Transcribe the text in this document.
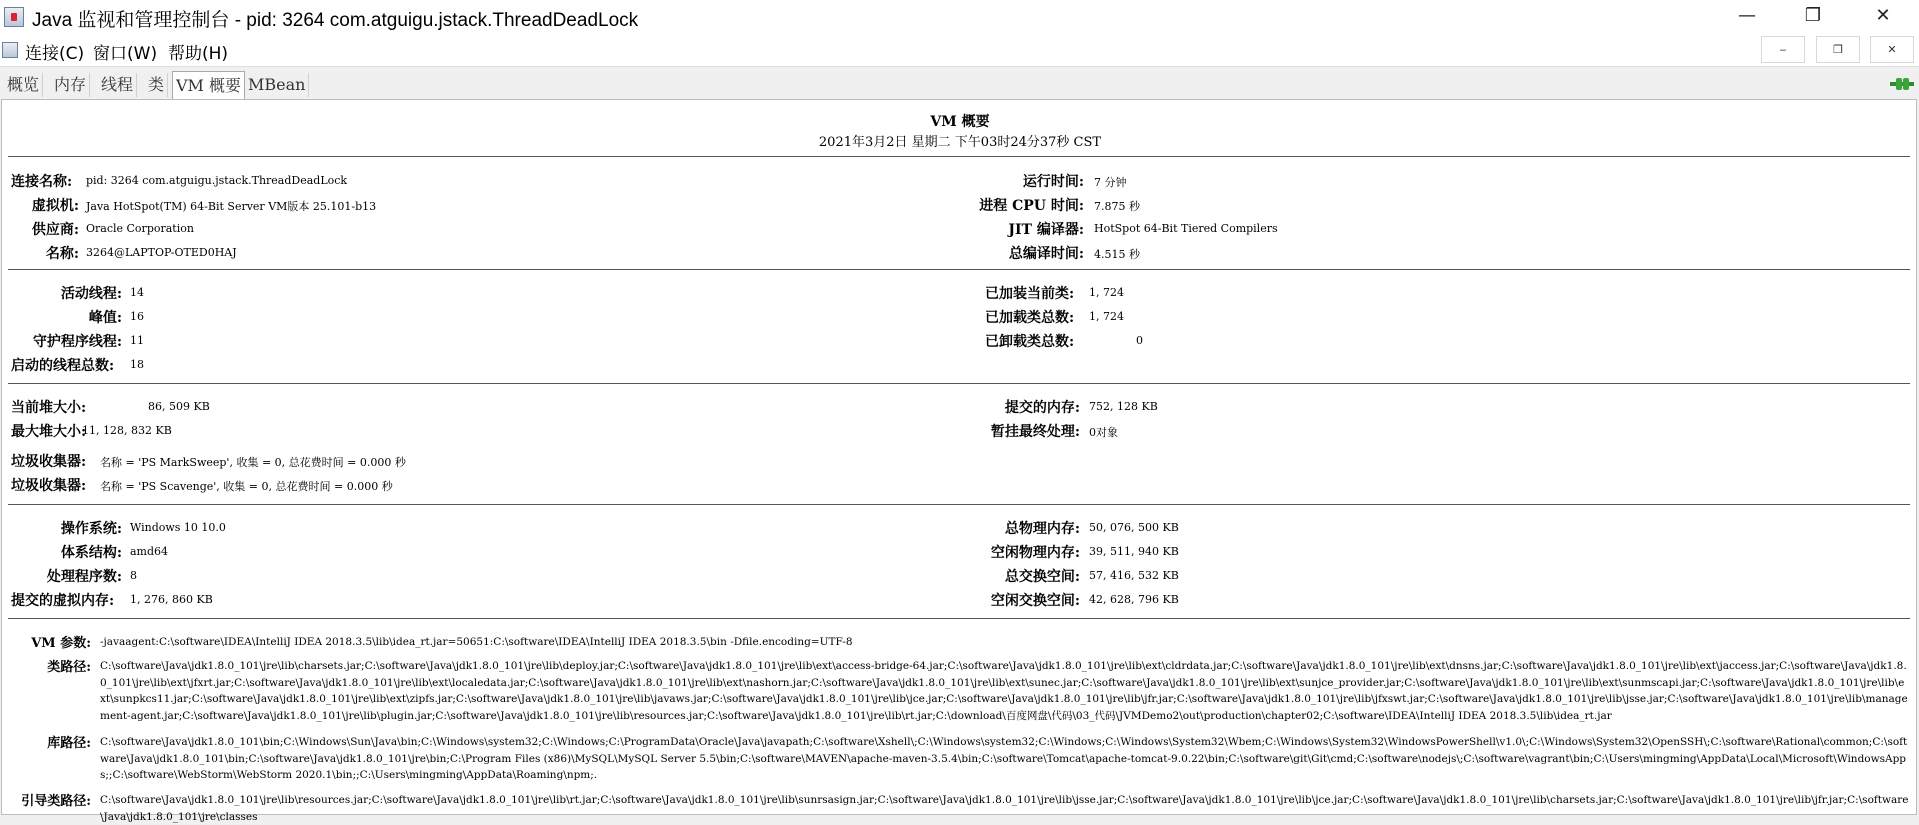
Java 监视和管理控制台 - pid: 3264 com.atguigu.jstack.ThreadDeadLock	—	❐	✕
连接(C) 窗口(W) 帮助(H)	‒	❐	✕
概览 内存 线程 类 VM 概要 MBean
VM 概要
2021年3月2日 星期二 下午03时24分37秒 CST
连接名称: pid: 3264 com.atguigu.jstack.ThreadDeadLock
虚拟机: Java HotSpot(TM) 64-Bit Server VM版本 25.101-b13
供应商: Oracle Corporation
名称: 3264@LAPTOP-OTED0HAJ
运行时间: 7 分钟
进程 CPU 时间: 7.875 秒
JIT 编译器: HotSpot 64-Bit Tiered Compilers
总编译时间: 4.515 秒
活动线程: 14
峰值: 16
守护程序线程: 11
启动的线程总数: 18
已加装当前类: 1, 724
已加载类总数: 1, 724
已卸载类总数:	0
当前堆大小:	86, 509 KB
最大堆大小:
11, 128, 832 KB
提交的内存: 752, 128 KB
暂挂最终处理: 0对象
垃圾收集器: 名称 = 'PS MarkSweep', 收集 = 0, 总花费时间 = 0.000 秒
垃圾收集器: 名称 = 'PS Scavenge', 收集 = 0, 总花费时间 = 0.000 秒
操作系统: Windows 10 10.0
体系结构: amd64
处理程序数: 8
提交的虚拟内存: 1, 276, 860 KB
总物理内存: 50, 076, 500 KB
空闲物理内存: 39, 511, 940 KB
总交换空间: 57, 416, 532 KB
空闲交换空间: 42, 628, 796 KB
VM 参数: -javaagent:C:\software\IDEA\IntelliJ IDEA 2018.3.5\lib\idea_rt.jar=50651:C:\software\IDEA\IntelliJ IDEA 2018.3.5\bin -Dfile.encoding=UTF-8
类路径: C:\software\Java\jdk1.8.0_101\jre\lib\charsets.jar;C:\software\Java\jdk1.8.0_101\jre\lib\deploy.jar;C:\software\Java\jdk1.8.0_101\jre\lib\ext\access-bridge-64.jar;C:\software\Java\jdk1.8.0_101\jre\lib\ext\cldrdata.jar;C:\software\Java\jdk1.8.0_101\jre\lib\ext\dnsns.jar;C:\software\Java\jdk1.8.0_101\jre\lib\ext\jaccess.jar;C:\software\Java\jdk1.8.0_101\jre\lib\ext\jfxrt.jar;C:\software\Java\jdk1.8.0_101\jre\lib\ext\localedata.jar;C:\software\Java\jdk1.8.0_101\jre\lib\ext\nashorn.jar;C:\software\Java\jdk1.8.0_101\jre\lib\ext\sunec.jar;C:\software\Java\jdk1.8.0_101\jre\lib\ext\sunjce_provider.jar;C:\software\Java\jdk1.8.0_101\jre\lib\ext\sunmscapi.jar;C:\software\Java\jdk1.8.0_101\jre\lib\ext\sunpkcs11.jar;C:\software\Java\jdk1.8.0_101\jre\lib\ext\zipfs.jar;C:\software\Java\jdk1.8.0_101\jre\lib\javaws.jar;C:\software\Java\jdk1.8.0_101\jre\lib\jce.jar;C:\software\Java\jdk1.8.0_101\jre\lib\jfr.jar;C:\software\Java\jdk1.8.0_101\jre\lib\jfxswt.jar;C:\software\Java\jdk1.8.0_101\jre\lib\jsse.jar;C:\software\Java\jdk1.8.0_101\jre\lib\management-agent.jar;C:\software\Java\jdk1.8.0_101\jre\lib\plugin.jar;C:\software\Java\jdk1.8.0_101\jre\lib\resources.jar;C:\software\Java\jdk1.8.0_101\jre\lib\rt.jar;C:\download\百度网盘\代码\03_代码\JVMDemo2\out\production\chapter02;C:\software\IDEA\IntelliJ IDEA 2018.3.5\lib\idea_rt.jar
库路径: C:\software\Java\jdk1.8.0_101\bin;C:\Windows\Sun\Java\bin;C:\Windows\system32;C:\Windows;C:\ProgramData\Oracle\Java\javapath;C:\software\Xshell\;C:\Windows\system32;C:\Windows;C:\Windows\System32\Wbem;C:\Windows\System32\WindowsPowerShell\v1.0\;C:\Windows\System32\OpenSSH\;C:\software\Rational\common;C:\software\Java\jdk1.8.0_101\bin;C:\software\Java\jdk1.8.0_101\jre\bin;C:\Program Files (x86)\MySQL\MySQL Server 5.5\bin;C:\software\MAVEN\apache-maven-3.5.4\bin;C:\software\Tomcat\apache-tomcat-9.0.22\bin;C:\software\git\Git\cmd;C:\software\nodejs\;C:\software\vagrant\bin;C:\Users\mingming\AppData\Local\Microsoft\WindowsApps;;C:\software\WebStorm\WebStorm 2020.1\bin;;C:\Users\mingming\AppData\Roaming\npm;.
引导类路径: C:\software\Java\jdk1.8.0_101\jre\lib\resources.jar;C:\software\Java\jdk1.8.0_101\jre\lib\rt.jar;C:\software\Java\jdk1.8.0_101\jre\lib\sunrsasign.jar;C:\software\Java\jdk1.8.0_101\jre\lib\jsse.jar;C:\software\Java\jdk1.8.0_101\jre\lib\jce.jar;C:\software\Java\jdk1.8.0_101\jre\lib\charsets.jar;C:\software\Java\jdk1.8.0_101\jre\lib\jfr.jar;C:\software\Java\jdk1.8.0_101\jre\classes
